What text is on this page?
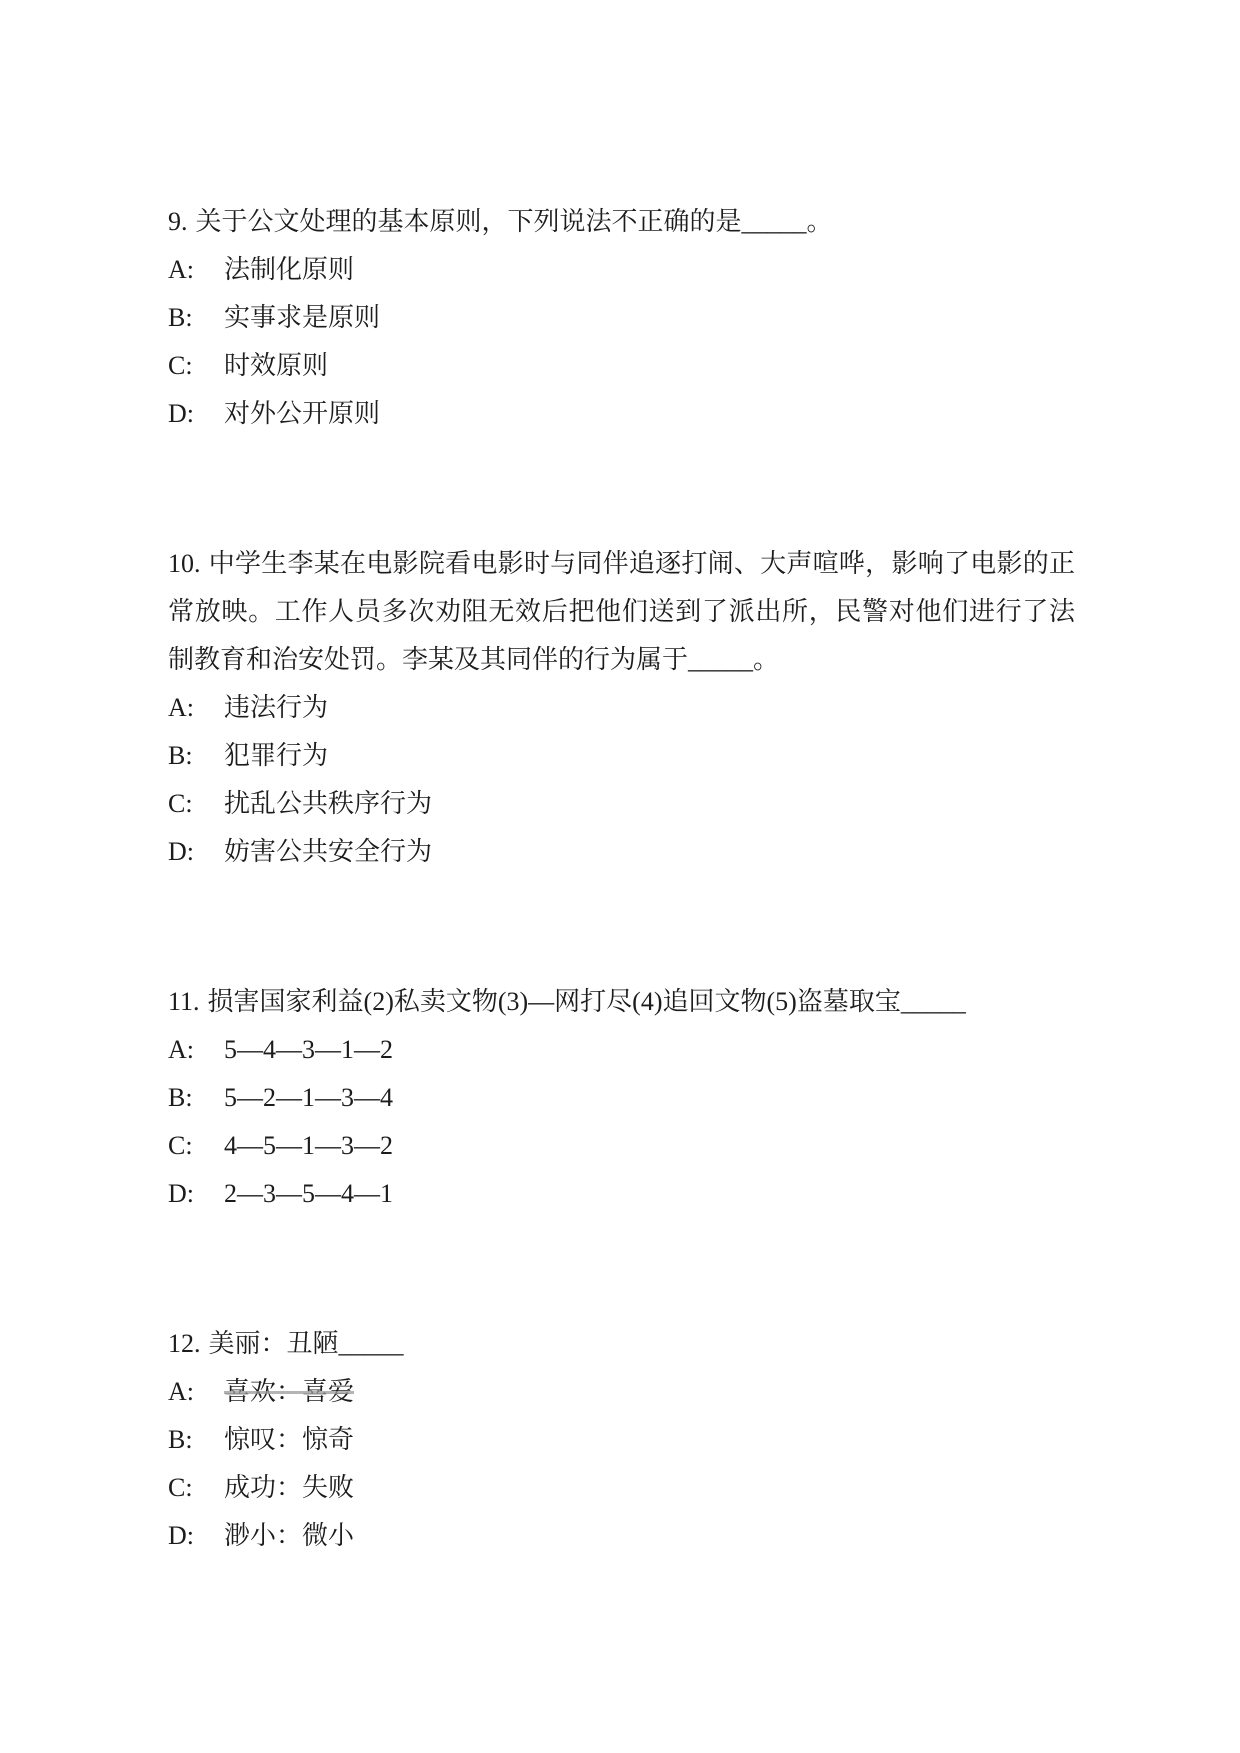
9. 关于公文处理的基本原则，下列说法不正确的是_____。

A: 法制化原则

B: 实事求是原则

C: 时效原则

D: 对外公开原则

10. 中学生李某在电影院看电影时与同伴追逐打闹、大声喧哗，影响了电影的正常放映。工作人员多次劝阻无效后把他们送到了派出所，民警对他们进行了法制教育和治安处罚。李某及其同伴的行为属于_____。

A: 违法行为

B: 犯罪行为

C: 扰乱公共秩序行为

D: 妨害公共安全行为

11. 损害国家利益(2)私卖文物(3)—网打尽(4)追回文物(5)盗墓取宝_____

A: 5—4—3—1—2

B: 5—2—1—3—4

C: 4—5—1—3—2

D: 2—3—5—4—1

12. 美丽：丑陋_____

A: 喜欢：喜爱

B: 惊叹：惊奇

C: 成功：失败

D: 渺小：微小
